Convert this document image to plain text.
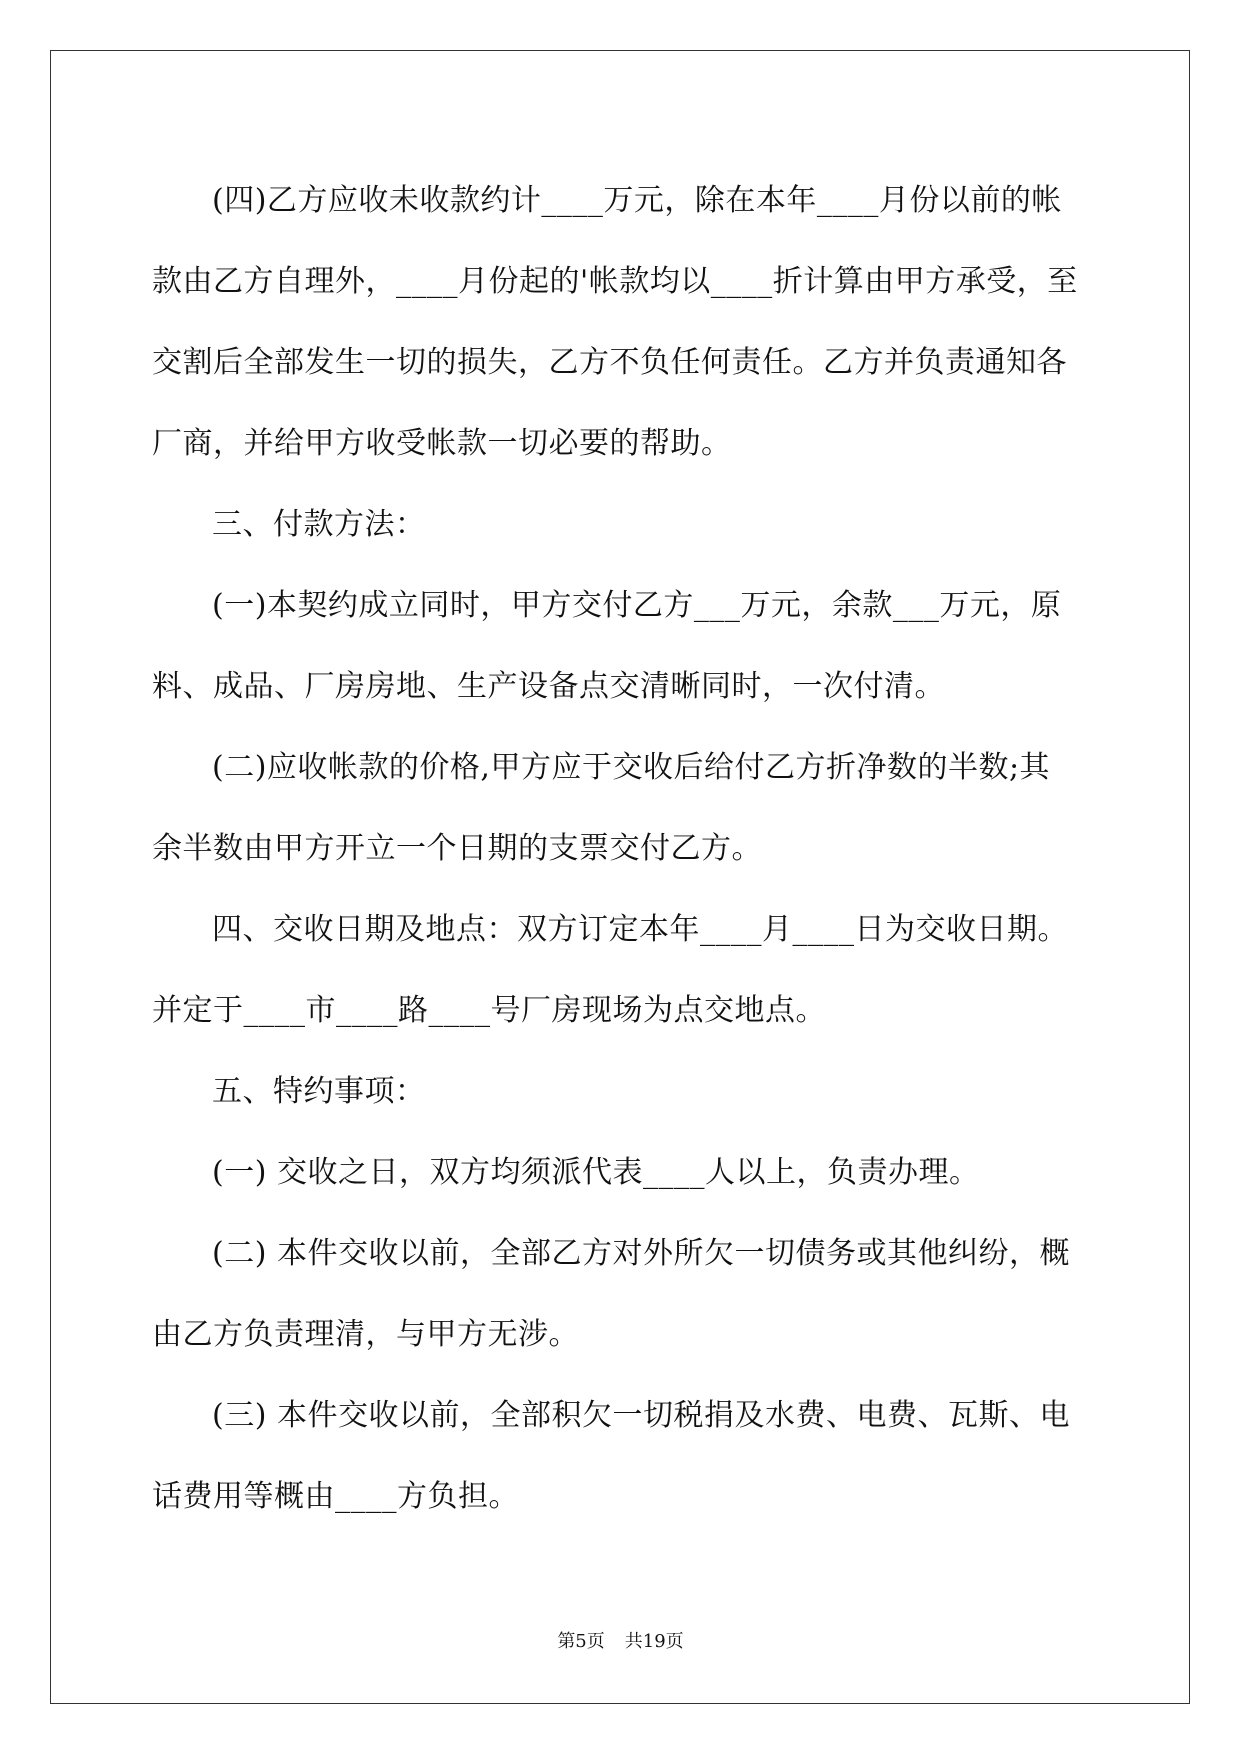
(四)乙方应收未收款约计____万元，除在本年____月份以前的帐
款由乙方自理外，____月份起的'帐款均以____折计算由甲方承受，至
交割后全部发生一切的损失，乙方不负任何责任。乙方并负责通知各
厂商，并给甲方收受帐款一切必要的帮助。
三、付款方法：
(一)本契约成立同时，甲方交付乙方___万元，余款___万元，原
料、成品、厂房房地、生产设备点交清晰同时，一次付清。
(二)应收帐款的价格,甲方应于交收后给付乙方折净数的半数;其
余半数由甲方开立一个日期的支票交付乙方。
四、交收日期及地点：双方订定本年____月____日为交收日期。
并定于____市____路____号厂房现场为点交地点。
五、特约事项：
(一) 交收之日，双方均须派代表____人以上，负责办理。
(二) 本件交收以前，全部乙方对外所欠一切债务或其他纠纷，概
由乙方负责理清，与甲方无涉。
(三) 本件交收以前，全部积欠一切税捐及水费、电费、瓦斯、电
话费用等概由____方负担。
第5页 共19页
